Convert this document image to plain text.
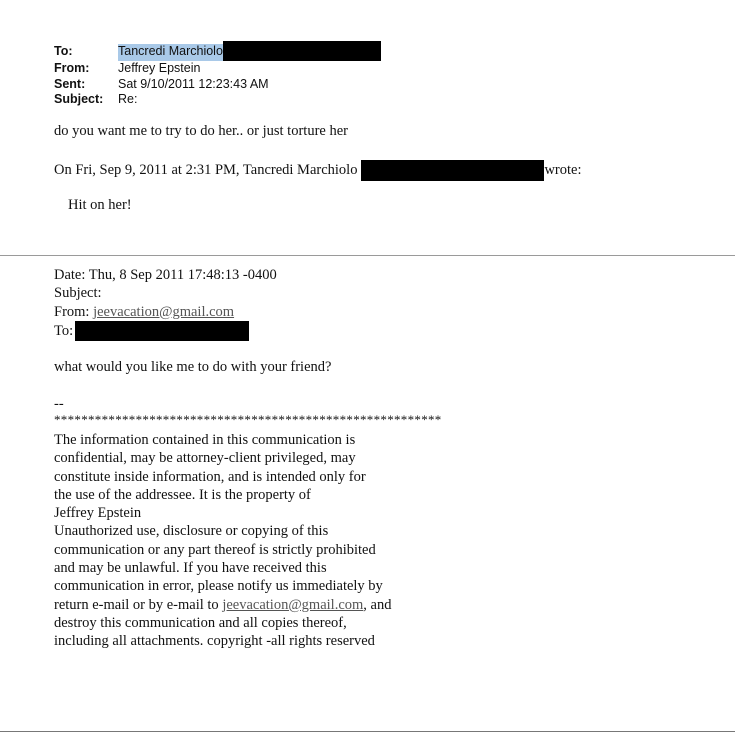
To:	Tancredi Marchiolo
From:	Jeffrey Epstein
Sent:	Sat 9/10/2011 12:23:43 AM
Subject:	Re:
do you want me to try to do her.. or just torture her
On Fri, Sep 9, 2011 at 2:31 PM, Tancredi Marchiolo	wrote:
Hit on her!
Date: Thu, 8 Sep 2011 17:48:13 -0400
Subject:
From: jeevacation@gmail.com
To:
what would you like me to do with your friend?
--
*********************************************************
The information contained in this communication is
confidential, may be attorney-client privileged, may
constitute inside information, and is intended only for
the use of the addressee. It is the property of
Jeffrey Epstein
Unauthorized use, disclosure or copying of this
communication or any part thereof is strictly prohibited
and may be unlawful. If you have received this
communication in error, please notify us immediately by
return e-mail or by e-mail to jeevacation@gmail.com, and
destroy this communication and all copies thereof,
including all attachments. copyright -all rights reserved
